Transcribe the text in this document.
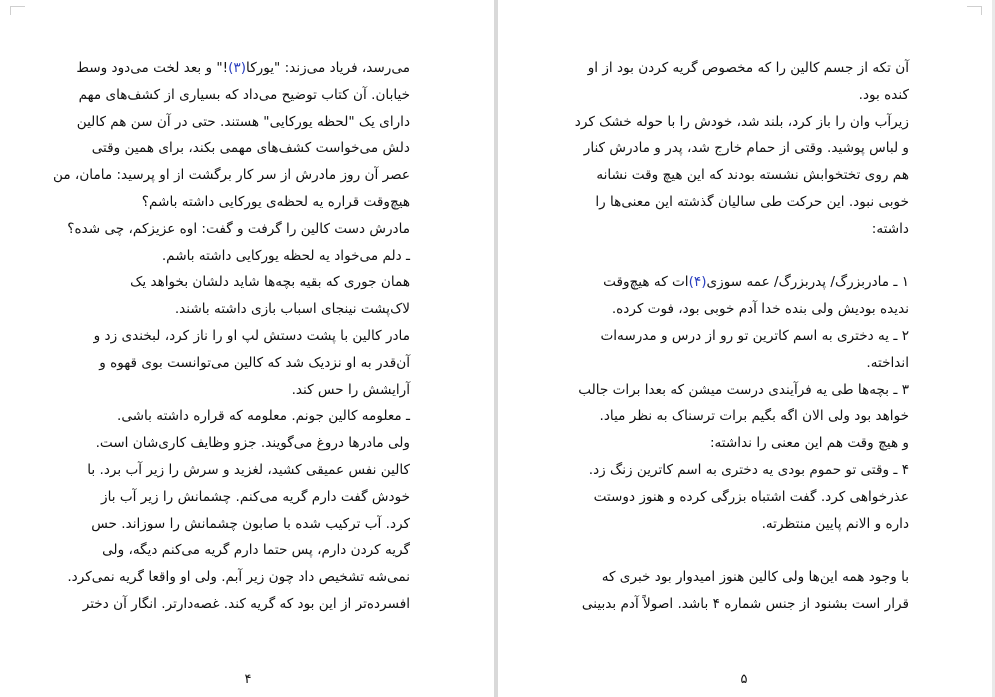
می‌رسد، فریاد می‌زند: "یورکا(۳)!" و بعد لخت می‌دود وسط
خیابان. آن کتاب توضیح می‌داد که بسیاری از کشف‌های مهم
دارای یک "لحظه یورکایی" هستند. حتی در آن سن هم کالین
دلش می‌خواست کشف‌های مهمی بکند، برای همین وقتی
عصر آن روز مادرش از سر کار برگشت از او پرسید: مامان، من
هیچ‌وقت قراره یه لحظه‌ی یورکایی داشته باشم؟
مادرش دست کالین را گرفت و گفت: اوه عزیزکم، چی شده؟
ـ دلم می‌خواد یه لحظه یورکایی داشته باشم.
همان جوری که بقیه بچه‌ها شاید دلشان بخواهد یک
لاک‌پشت نینجای اسباب بازی داشته باشند.
مادر کالین با پشت دستش لپ او را ناز کرد، لبخندی زد و
آن‌قدر به او نزدیک شد که کالین می‌توانست بوی قهوه و
آرایشش را حس کند.
ـ معلومه کالین جونم. معلومه که قراره داشته باشی.
ولی مادرها دروغ می‌گویند. جزو وظایف کاری‌شان است.
کالین نفس عمیقی کشید، لغزید و سرش را زیر آب برد. با
خودش گفت دارم گریه می‌کنم. چشمانش را زیر آب باز
کرد. آب ترکیب شده با صابون چشمانش را سوزاند. حس
گریه کردن دارم، پس حتما دارم گریه می‌کنم دیگه، ولی
نمی‌شه تشخیص داد چون زیر آبم. ولی او واقعا گریه نمی‌کرد.
افسرده‌تر از این بود که گریه کند. غصه‌دارتر. انگار آن دختر
۴
آن تکه از جسم کالین را که مخصوص گریه کردن بود از او
کنده بود.
زیرآب وان را باز کرد، بلند شد، خودش را با حوله خشک کرد
و لباس پوشید. وقتی از حمام خارج شد، پدر و مادرش کنار
هم روی تختخوابش نشسته بودند که این هیچ وقت نشانه
خوبی نبود. این حرکت طی سالیان گذشته این معنی‌ها را
داشته:
۱ ـ مادربزرگ/ پدربزرگ/ عمه سوزی(۴)ات که هیچ‌وقت
ندیده بودیش ولی بنده خدا آدم خوبی بود، فوت کرده.
۲ ـ یه دختری به اسم کاترین تو رو از درس و مدرسه‌ات
انداخته.
۳ ـ بچه‌ها طی یه فرآیندی درست میشن که بعدا برات جالب
خواهد بود ولی الان اگه بگیم برات ترسناک به نظر میاد.
و هیچ وقت هم این معنی را نداشته:
۴ ـ وقتی تو حموم بودی یه دختری به اسم کاترین زنگ زد.
عذرخواهی کرد. گفت اشتباه بزرگی کرده و هنوز دوستت
داره و الانم پایین منتظرته.
با وجود همه این‌ها ولی کالین هنوز امیدوار بود خبری که
قرار است بشنود از جنس شماره ۴ باشد. اصولاً آدم بدبینی
۵
